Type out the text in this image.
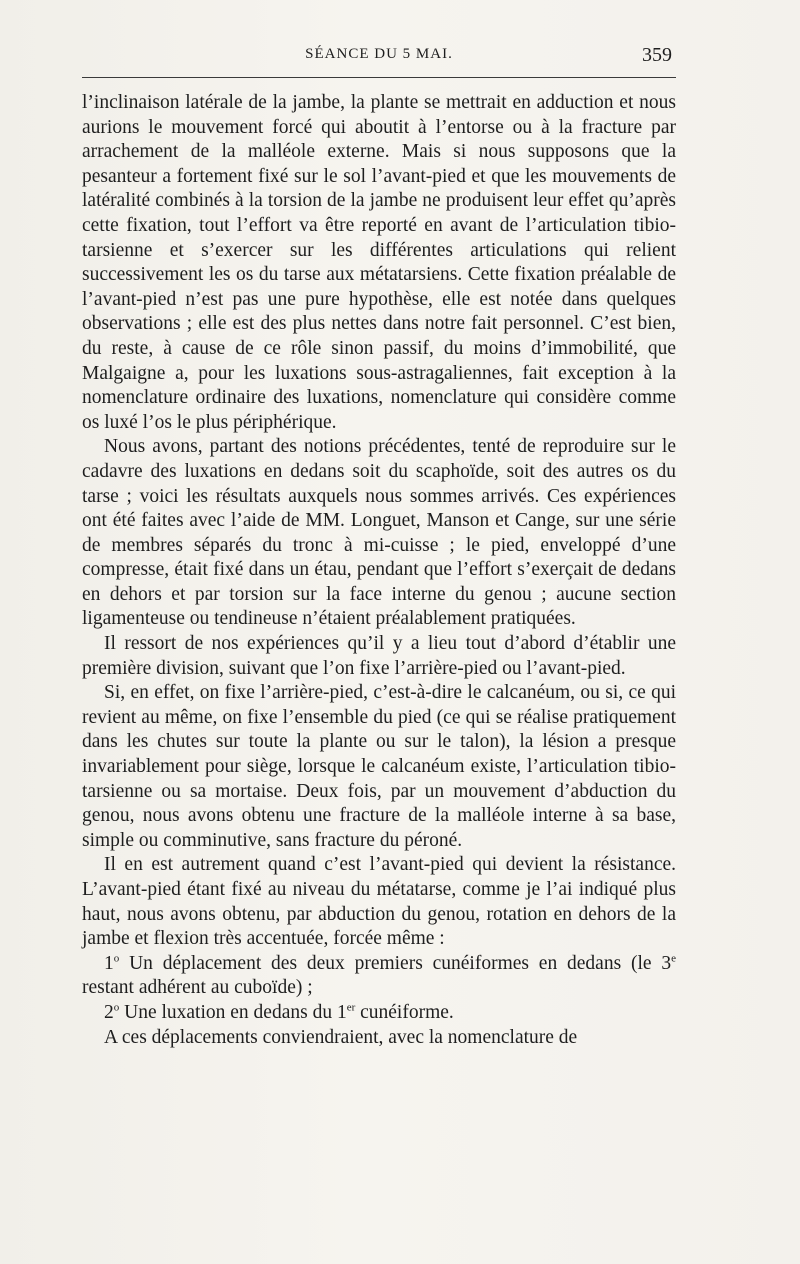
SÉANCE DU 5 MAI.	359

l’inclinaison latérale de la jambe, la plante se mettrait en adduction et nous aurions le mouvement forcé qui aboutit à l’entorse ou à la fracture par arrachement de la malléole externe. Mais si nous supposons que la pesanteur a fortement fixé sur le sol l’avant-pied et que les mouvements de latéralité combinés à la torsion de la jambe ne produisent leur effet qu’après cette fixation, tout l’effort va être reporté en avant de l’articulation tibio-tarsienne et s’exercer sur les différentes articulations qui relient successivement les os du tarse aux métatarsiens. Cette fixation préalable de l’avant-pied n’est pas une pure hypothèse, elle est notée dans quelques observations ; elle est des plus nettes dans notre fait personnel. C’est bien, du reste, à cause de ce rôle sinon passif, du moins d’immobilité, que Malgaigne a, pour les luxations sous-astragaliennes, fait exception à la nomenclature ordinaire des luxations, nomenclature qui considère comme os luxé l’os le plus périphérique.

Nous avons, partant des notions précédentes, tenté de reproduire sur le cadavre des luxations en dedans soit du scaphoïde, soit des autres os du tarse ; voici les résultats auxquels nous sommes arrivés. Ces expériences ont été faites avec l’aide de MM. Longuet, Manson et Cange, sur une série de membres séparés du tronc à mi-cuisse ; le pied, enveloppé d’une compresse, était fixé dans un étau, pendant que l’effort s’exerçait de dedans en dehors et par torsion sur la face interne du genou ; aucune section ligamenteuse ou tendineuse n’étaient préalablement pratiquées.

Il ressort de nos expériences qu’il y a lieu tout d’abord d’établir une première division, suivant que l’on fixe l’arrière-pied ou l’avant-pied.

Si, en effet, on fixe l’arrière-pied, c’est-à-dire le calcanéum, ou si, ce qui revient au même, on fixe l’ensemble du pied (ce qui se réalise pratiquement dans les chutes sur toute la plante ou sur le talon), la lésion a presque invariablement pour siège, lorsque le calcanéum existe, l’articulation tibio-tarsienne ou sa mortaise. Deux fois, par un mouvement d’abduction du genou, nous avons obtenu une fracture de la malléole interne à sa base, simple ou comminutive, sans fracture du péroné.

Il en est autrement quand c’est l’avant-pied qui devient la résistance. L’avant-pied étant fixé au niveau du métatarse, comme je l’ai indiqué plus haut, nous avons obtenu, par abduction du genou, rotation en dehors de la jambe et flexion très accentuée, forcée même :

1$^o$ Un déplacement des deux premiers cunéiformes en dedans (le 3e restant adhérent au cuboïde) ;

2$^o$ Une luxation en dedans du 1er cunéiforme.

A ces déplacements conviendraient, avec la nomenclature de
